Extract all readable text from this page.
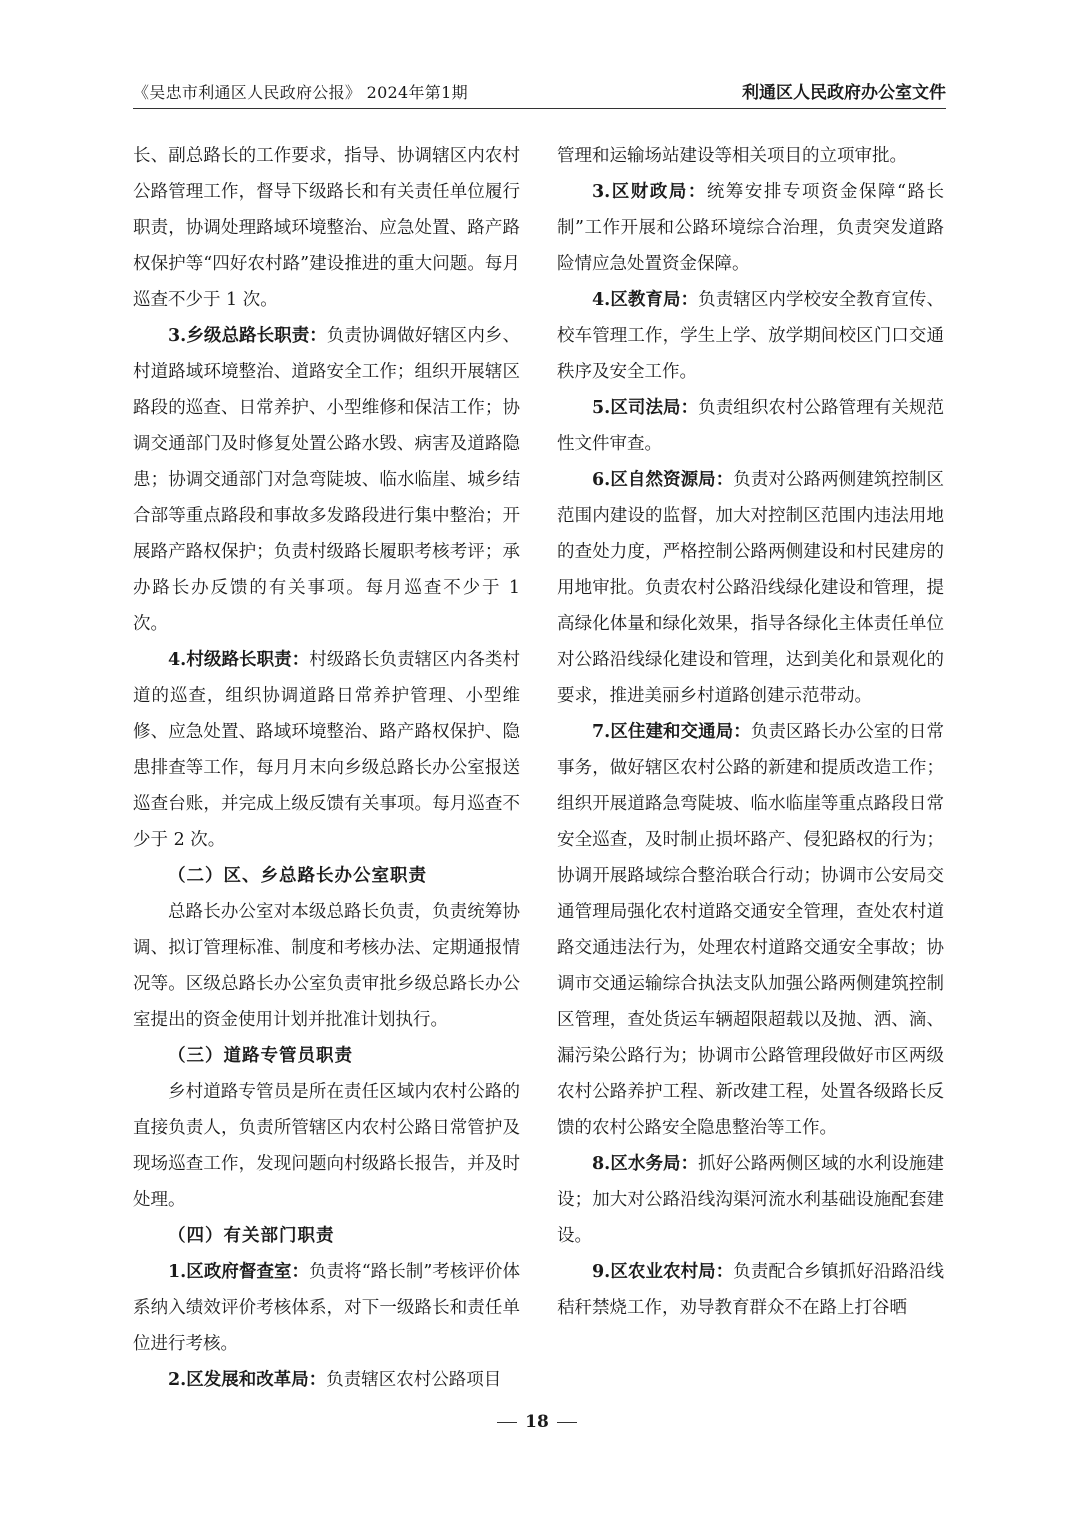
《吴忠市利通区人民政府公报》 2024年第1期	利通区人民政府办公室文件

长、副总路长的工作要求，指导、协调辖区内农村公路管理工作，督导下级路长和有关责任单位履行职责，协调处理路域环境整治、应急处置、路产路权保护等“四好农村路”建设推进的重大问题。每月巡查不少于 1 次。

3.乡级总路长职责：负责协调做好辖区内乡、村道路域环境整治、道路安全工作；组织开展辖区路段的巡查、日常养护、小型维修和保洁工作；协调交通部门及时修复处置公路水毁、病害及道路隐患；协调交通部门对急弯陡坡、临水临崖、城乡结合部等重点路段和事故多发路段进行集中整治；开展路产路权保护；负责村级路长履职考核考评；承办路长办反馈的有关事项。每月巡查不少于 1 次。

4.村级路长职责：村级路长负责辖区内各类村道的巡查，组织协调道路日常养护管理、小型维修、应急处置、路域环境整治、路产路权保护、隐患排查等工作，每月月末向乡级总路长办公室报送巡查台账，并完成上级反馈有关事项。每月巡查不少于 2 次。

（二）区、乡总路长办公室职责

总路长办公室对本级总路长负责，负责统筹协调、拟订管理标准、制度和考核办法、定期通报情况等。区级总路长办公室负责审批乡级总路长办公室提出的资金使用计划并批准计划执行。

（三）道路专管员职责

乡村道路专管员是所在责任区域内农村公路的直接负责人，负责所管辖区内农村公路日常管护及现场巡查工作，发现问题向村级路长报告，并及时处理。

（四）有关部门职责

1.区政府督查室：负责将“路长制”考核评价体系纳入绩效评价考核体系，对下一级路长和责任单位进行考核。

2.区发展和改革局：负责辖区农村公路项目

管理和运输场站建设等相关项目的立项审批。

3.区财政局：统筹安排专项资金保障“路长制”工作开展和公路环境综合治理，负责突发道路险情应急处置资金保障。

4.区教育局：负责辖区内学校安全教育宣传、校车管理工作，学生上学、放学期间校区门口交通秩序及安全工作。

5.区司法局：负责组织农村公路管理有关规范性文件审查。

6.区自然资源局：负责对公路两侧建筑控制区范围内建设的监督，加大对控制区范围内违法用地的查处力度，严格控制公路两侧建设和村民建房的用地审批。负责农村公路沿线绿化建设和管理，提高绿化体量和绿化效果，指导各绿化主体责任单位对公路沿线绿化建设和管理，达到美化和景观化的要求，推进美丽乡村道路创建示范带动。

7.区住建和交通局：负责区路长办公室的日常事务，做好辖区农村公路的新建和提质改造工作；组织开展道路急弯陡坡、临水临崖等重点路段日常安全巡查，及时制止损坏路产、侵犯路权的行为；协调开展路域综合整治联合行动；协调市公安局交通管理局强化农村道路交通安全管理，查处农村道路交通违法行为，处理农村道路交通安全事故；协调市交通运输综合执法支队加强公路两侧建筑控制区管理，查处货运车辆超限超载以及抛、洒、滴、漏污染公路行为；协调市公路管理段做好市区两级农村公路养护工程、新改建工程，处置各级路长反馈的农村公路安全隐患整治等工作。

8.区水务局：抓好公路两侧区域的水利设施建设；加大对公路沿线沟渠河流水利基础设施配套建设。

9.区农业农村局：负责配合乡镇抓好沿路沿线秸秆禁烧工作，劝导教育群众不在路上打谷晒

18
